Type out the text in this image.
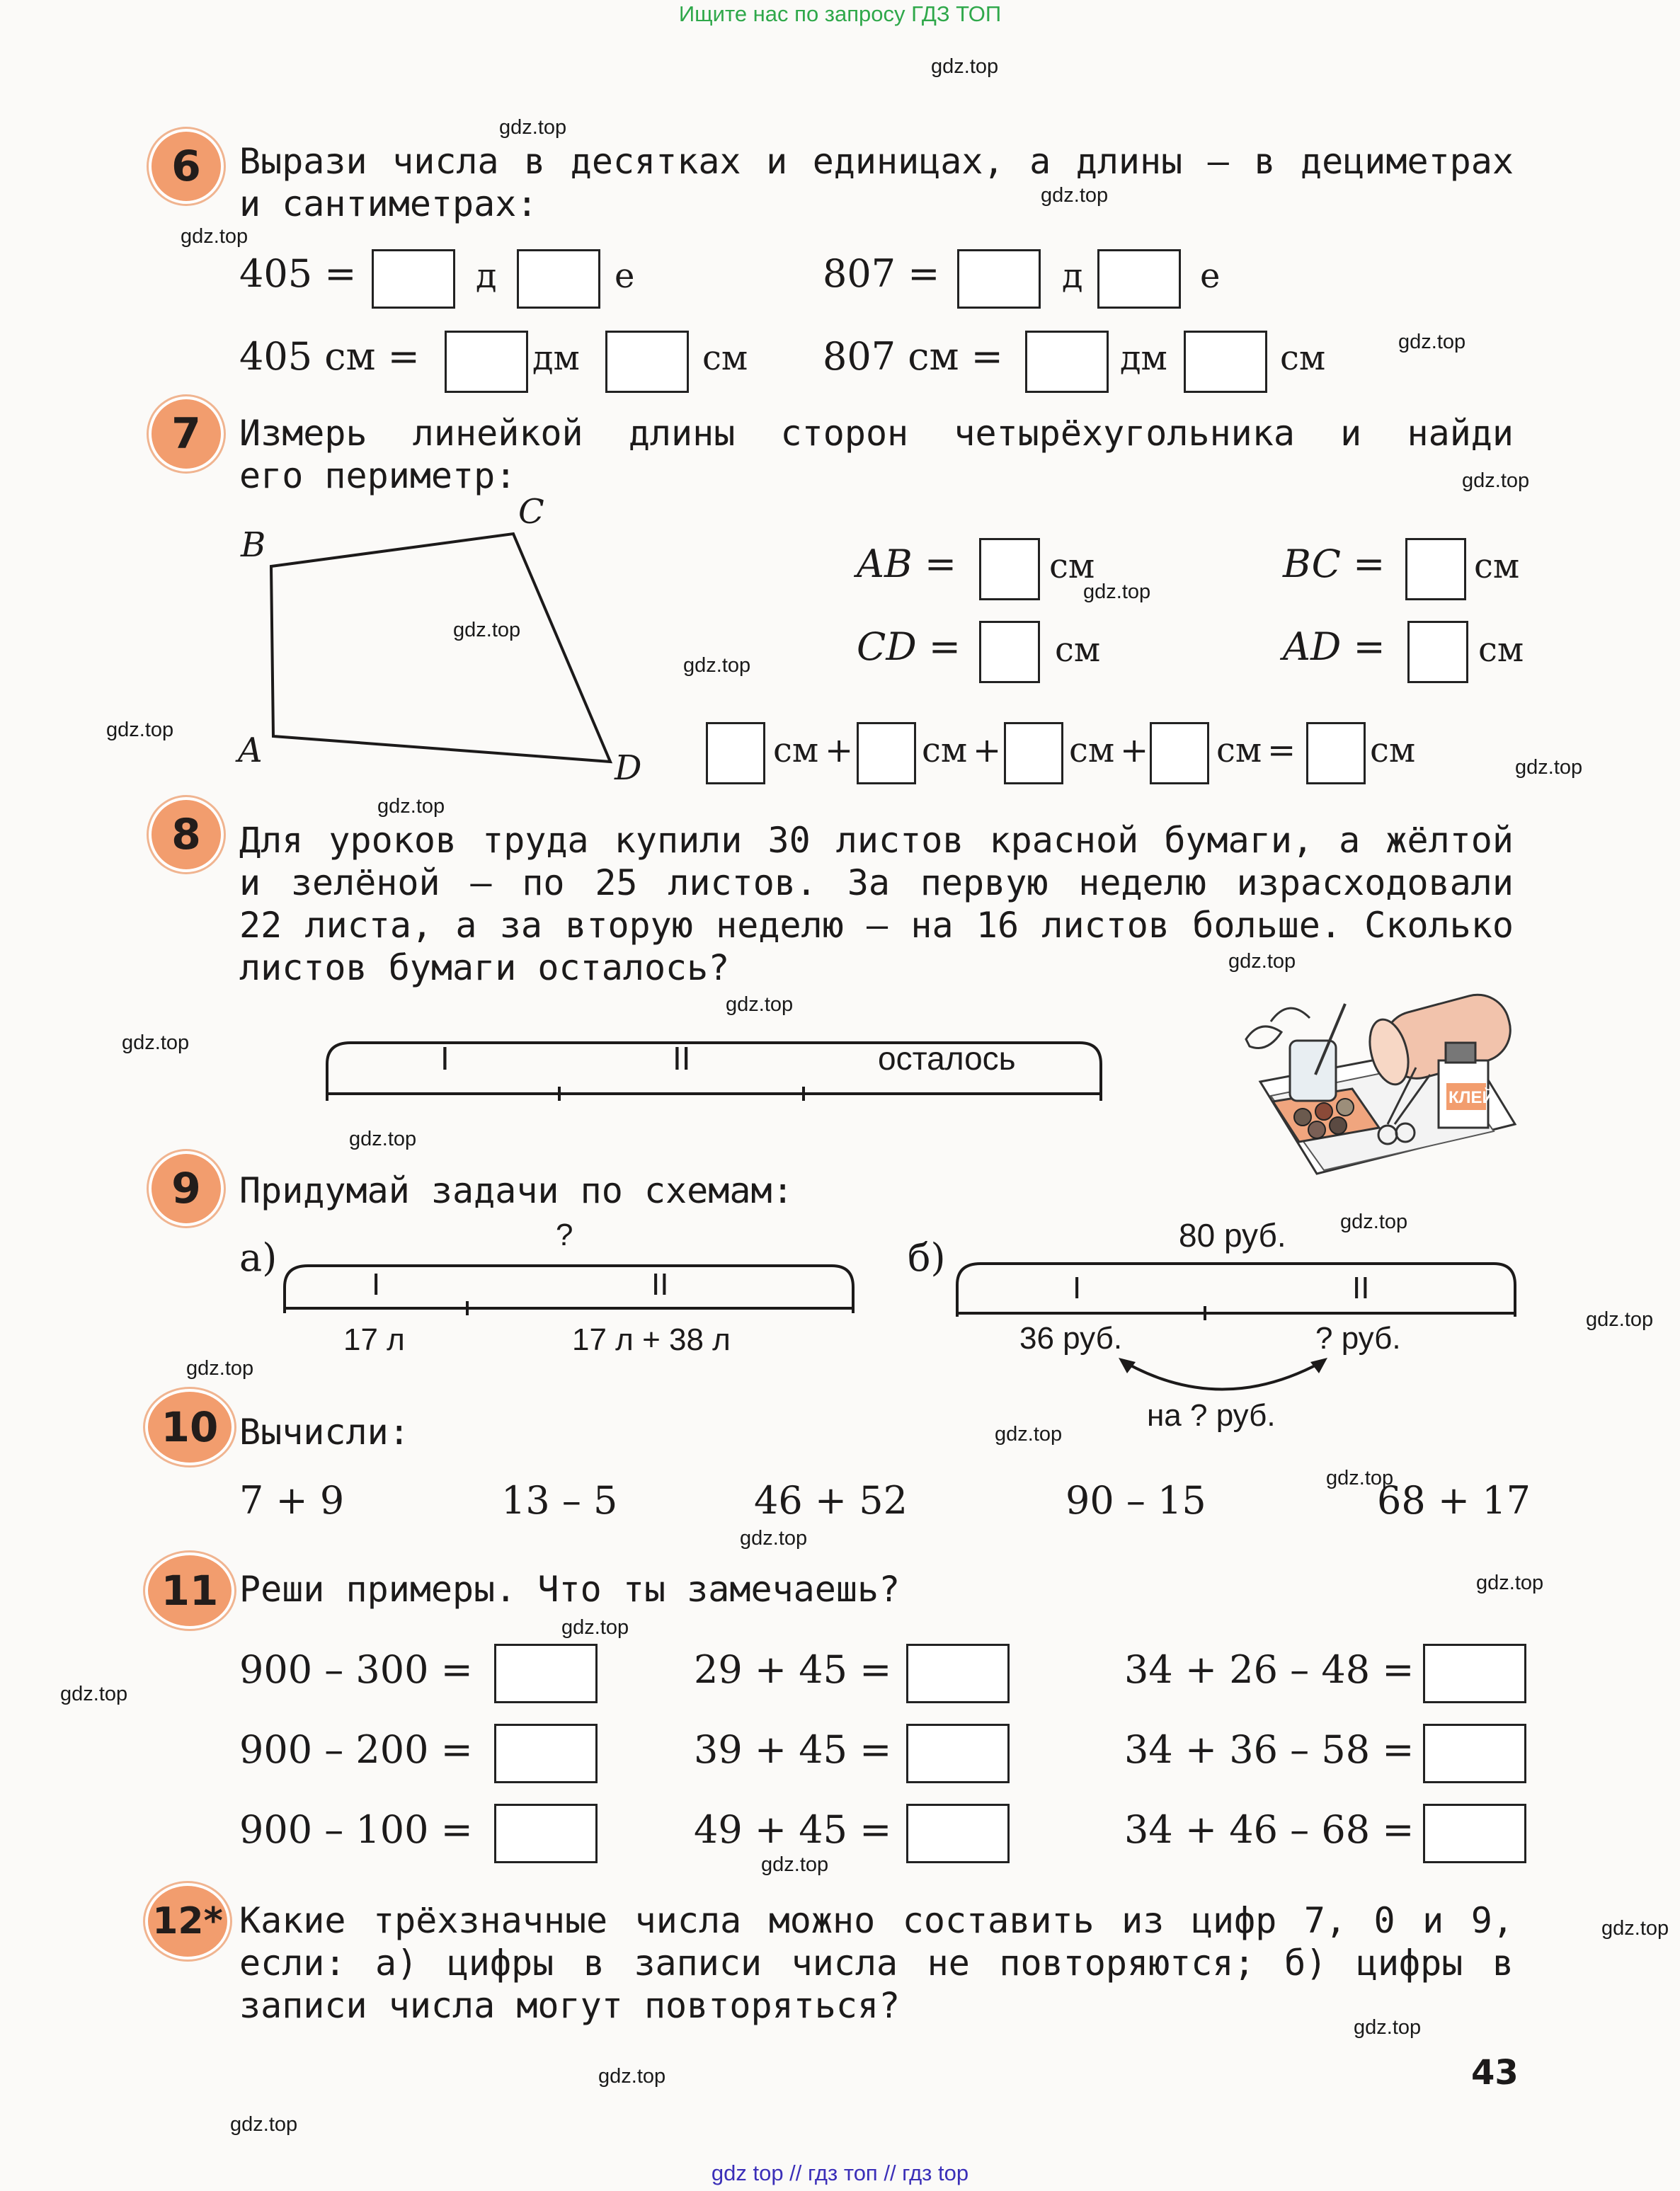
Ищите нас по запросу ГДЗ ТОП
gdz top // гдз топ // гдз top
gdz.top
gdz.top
gdz.top
gdz.top
gdz.top
gdz.top
gdz.top
gdz.top
gdz.top
gdz.top
gdz.top
gdz.top
gdz.top
gdz.top
gdz.top
gdz.top
gdz.top
gdz.top
gdz.top
gdz.top
gdz.top
gdz.top
gdz.top
gdz.top
gdz.top
gdz.top
gdz.top
gdz.top
gdz.top
gdz.top
6 Вырази числа в десятках и единицах, а длины – в дециметрах
и сантиметрах:
405 =	д	е	807 =	д	е
405 см =	дм	см 807 см =	дм	см
7 Измерь линейкой длины сторон четырёхугольника и найди
его периметр:
A
B
C
D
AB =	см	BC =	см
CD =	см	AD =	см
см + см + см + см = см
8 Для уроков труда купили 30 листов красной бумаги, а жёлтой
и зелёной – по 25 листов. За первую неделю израсходовали
22 листа, а за вторую неделю – на 16 листов больше. Сколько
листов бумаги осталось?
I	II	осталось
КЛЕЙ
9 Придумай задачи по схемам:
а)
?
I	II
17 л	17 л + 38 л
б)	80 руб.
I	II
36 руб.	? руб.
на ? руб.
10 Вычисли:
7 + 9	13 – 5	46 + 52	90 – 15	68 + 17
11 Реши примеры. Что ты замечаешь?
900 – 300 =	29 + 45 =	34 + 26 – 48 =
900 – 200 =	39 + 45 =	34 + 36 – 58 =
900 – 100 =	49 + 45 =	34 + 46 – 68 =
12* Какие трёхзначные числа можно составить из цифр 7, 0 и 9,
если: а) цифры в записи числа не повторяются; б) цифры в
записи числа могут повторяться?
43
